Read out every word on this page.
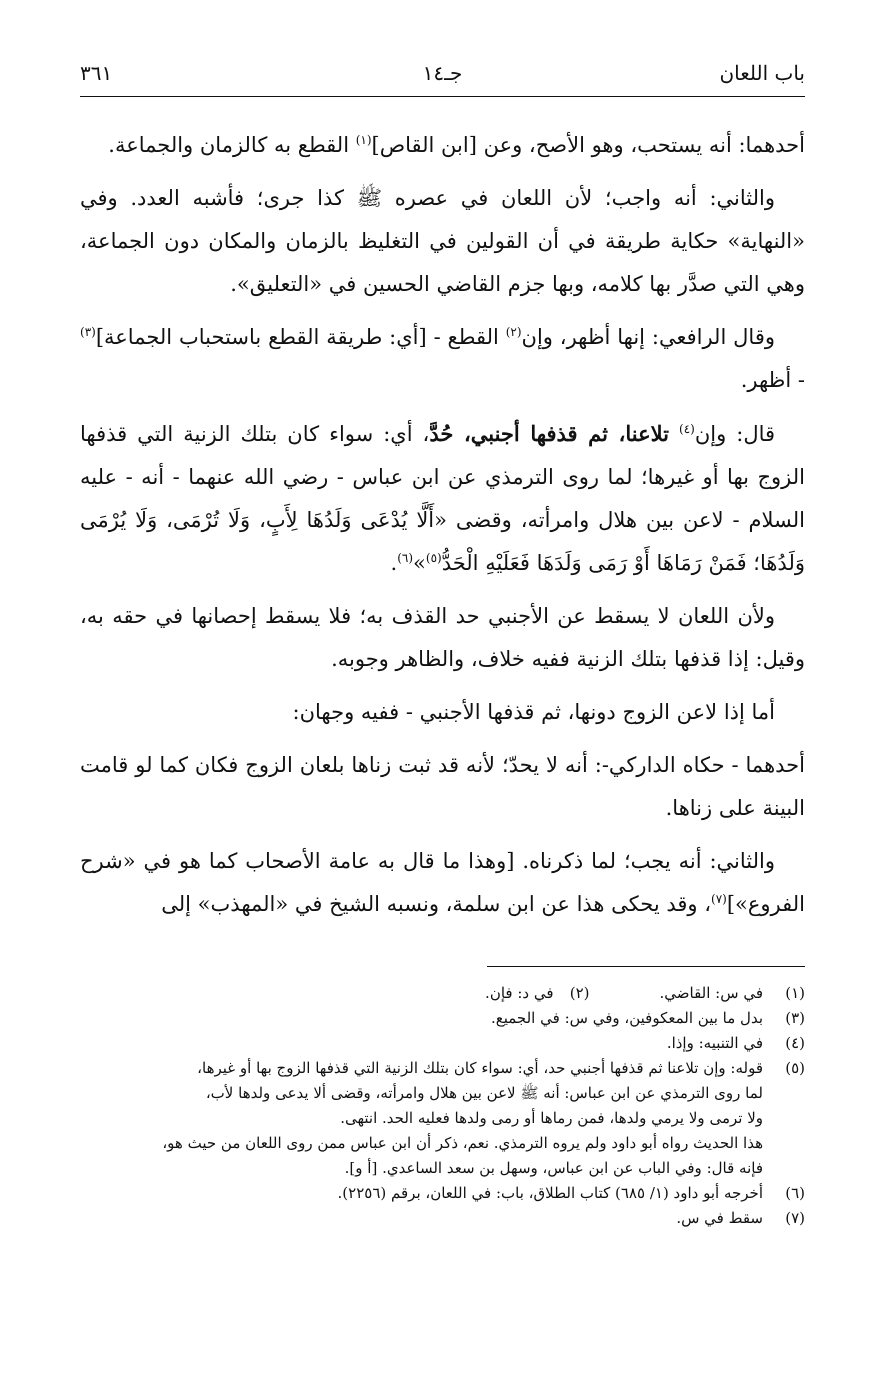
باب اللعان
جـ١٤
٣٦١

أحدهما: أنه يستحب، وهو الأصح، وعن [ابن القاص]$^{(١)}$ القطع به كالزمان والجماعة.

والثاني: أنه واجب؛ لأن اللعان في عصره ﷺ كذا جرى؛ فأشبه العدد. وفي «النهاية» حكاية طريقة في أن القولين في التغليظ بالزمان والمكان دون الجماعة، وهي التي صدَّر بها كلامه، وبها جزم القاضي الحسين في «التعليق».

وقال الرافعي: إنها أظهر، وإن$^{(٢)}$ القطع - [أي: طريقة القطع باستحباب الجماعة]$^{(٣)}$ - أظهر.

قال: وإن$^{(٤)}$ تلاعنا، ثم قذفها أجنبي، حُدَّ، أي: سواء كان بتلك الزنية التي قذفها الزوج بها أو غيرها؛ لما روى الترمذي عن ابن عباس - رضي الله عنهما - أنه - عليه السلام - لاعن بين هلال وامرأته، وقضى «أَلَّا يُدْعَى وَلَدُهَا لِأَبٍ، وَلَا تُرْمَى، وَلَا يُرْمَى وَلَدُهَا؛ فَمَنْ رَمَاهَا أَوْ رَمَى وَلَدَهَا فَعَلَيْهِ الْحَدُّ$^{(٥)}$»$^{(٦)}$.

ولأن اللعان لا يسقط عن الأجنبي حد القذف به؛ فلا يسقط إحصانها في حقه به، وقيل: إذا قذفها بتلك الزنية ففيه خلاف، والظاهر وجوبه.

أما إذا لاعن الزوج دونها، ثم قذفها الأجنبي - ففيه وجهان:

أحدهما - حكاه الداركي-: أنه لا يحدّ؛ لأنه قد ثبت زناها بلعان الزوج فكان كما لو قامت البينة على زناها.

والثاني: أنه يجب؛ لما ذكرناه. [وهذا ما قال به عامة الأصحاب كما هو في «شرح الفروع»]$^{(٧)}$، وقد يحكى هذا عن ابن سلمة، ونسبه الشيخ في «المهذب» إلى

(١)
في س: القاضي.
(٢)
في د: فإن.

(٣)
بدل ما بين المعكوفين، وفي س: في الجميع.

(٤)
في التنبيه: وإذا.

(٥)
قوله: وإن تلاعنا ثم قذفها أجنبي حد، أي: سواء كان بتلك الزنية التي قذفها الزوج بها أو غيرها،

لما روى الترمذي عن ابن عباس: أنه ﷺ لاعن بين هلال وامرأته، وقضى ألا يدعى ولدها لأب،

ولا ترمى ولا يرمي ولدها، فمن رماها أو رمى ولدها فعليه الحد. انتهى.

هذا الحديث رواه أبو داود ولم يروه الترمذي. نعم، ذكر أن ابن عباس ممن روى اللعان من حيث هو،

فإنه قال: وفي الباب عن ابن عباس، وسهل بن سعد الساعدي. [أ و].

(٦)
أخرجه أبو داود (١/ ٦٨٥) كتاب الطلاق، باب: في اللعان، برقم (٢٢٥٦).

(٧)
سقط في س.
